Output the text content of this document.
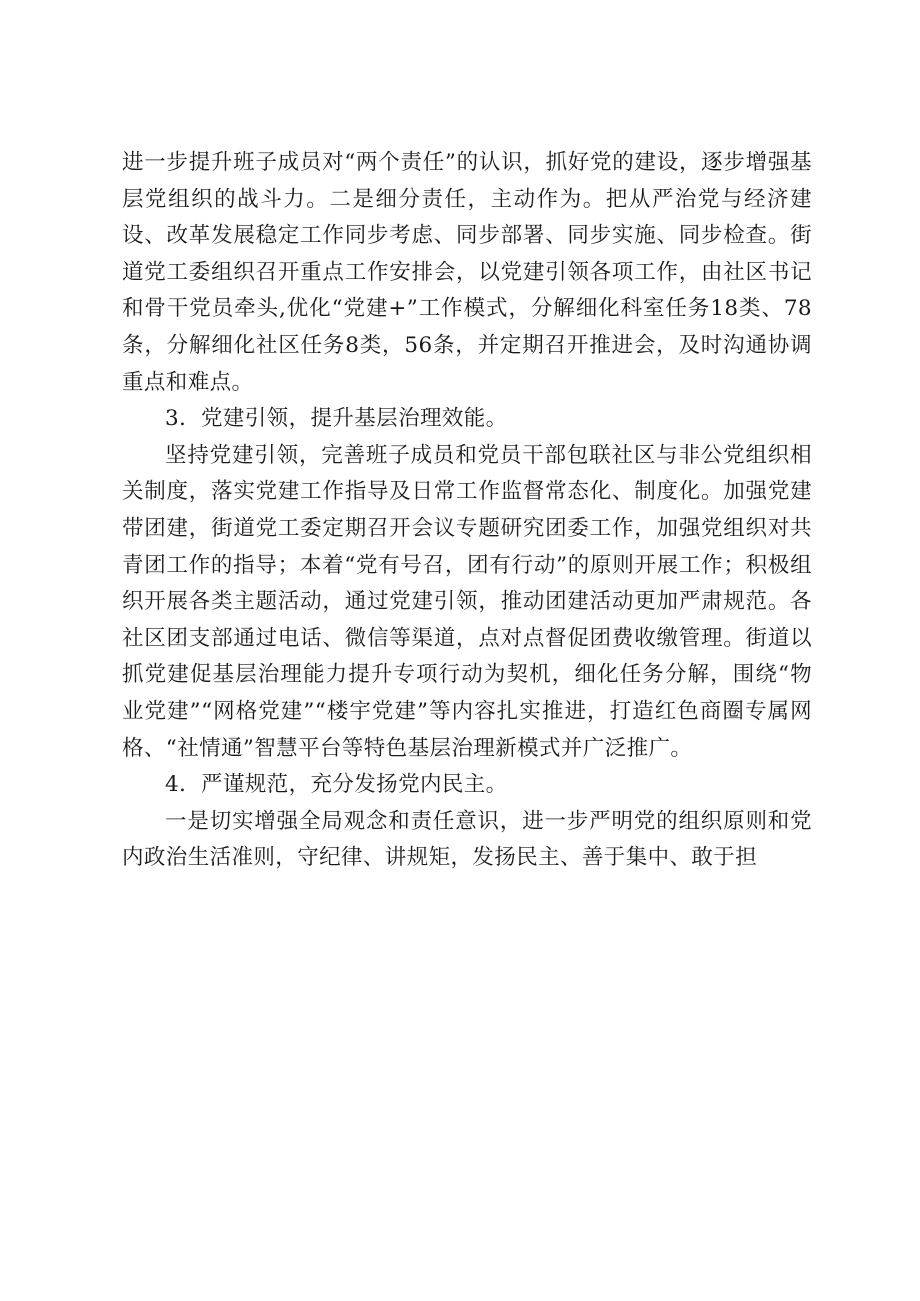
进一步提升班子成员对“两个责任”的认识，抓好党的建设，逐步增强基层党组织的战斗力。二是细分责任，主动作为。把从严治党与经济建设、改革发展稳定工作同步考虑、同步部署、同步实施、同步检查。街道党工委组织召开重点工作安排会，以党建引领各项工作，由社区书记和骨干党员牵头,优化“党建+”工作模式，分解细化科室任务18类、78条，分解细化社区任务8类，56条，并定期召开推进会，及时沟通协调重点和难点。

3．党建引领，提升基层治理效能。

坚持党建引领，完善班子成员和党员干部包联社区与非公党组织相关制度，落实党建工作指导及日常工作监督常态化、制度化。加强党建带团建，街道党工委定期召开会议专题研究团委工作，加强党组织对共青团工作的指导；本着“党有号召，团有行动”的原则开展工作；积极组织开展各类主题活动，通过党建引领，推动团建活动更加严肃规范。各社区团支部通过电话、微信等渠道，点对点督促团费收缴管理。街道以抓党建促基层治理能力提升专项行动为契机，细化任务分解，围绕“物业党建”“网格党建”“楼宇党建”等内容扎实推进，打造红色商圈专属网格、“社情通”智慧平台等特色基层治理新模式并广泛推广。

4．严谨规范，充分发扬党内民主。

一是切实增强全局观念和责任意识，进一步严明党的组织原则和党内政治生活准则，守纪律、讲规矩，发扬民主、善于集中、敢于担
